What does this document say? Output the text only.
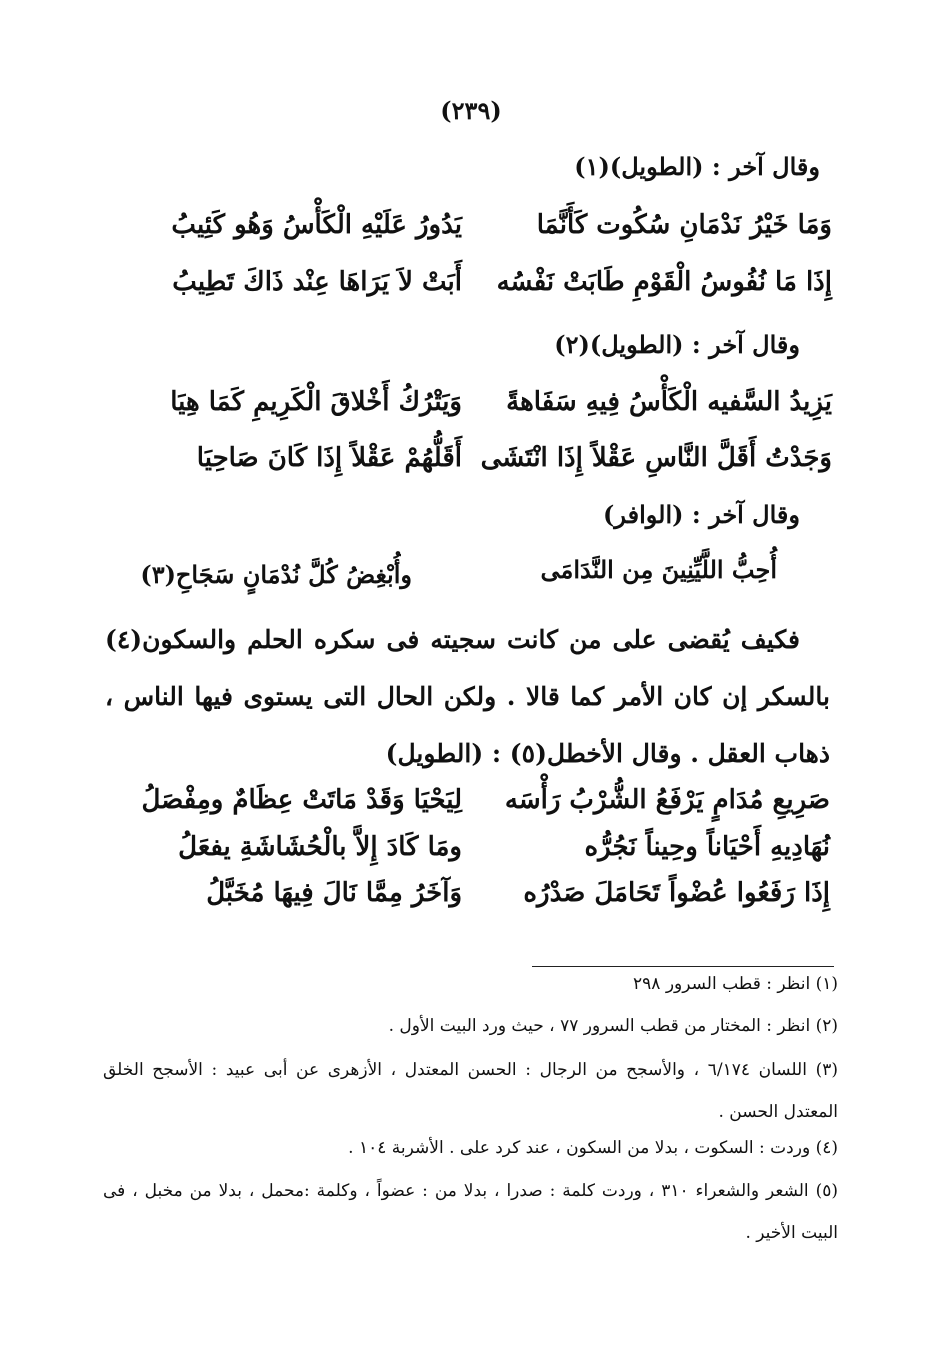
(٢٣٩)
وقال آخر : (الطويل)(١)
وَمَا خَيْرُ نَدْمَانِ سُكُوت كَأَنَّمَا
يَدُورُ عَلَيْهِ الْكَأْسُ وَهُو كَئِيبُ
إِذَا مَا نُفُوسُ الْقَوْمِ طَابَتْ نَفْسُه
أَبَتْ لاَ يَرَاهَا عِنْد ذَاكَ تَطِيبُ
وقال آخر : (الطويل)(٢)
يَزِيدُ السَّفيه الْكَأْسُ فِيهِ سَفَاهةً
وَيَتْرُكُ أَخْلاقَ الْكَرِيمِ كَمَا هِيَا
وَجَدْتُ أَقَلَّ النَّاسِ عَقْلاً إِذَا انْتَشَى
أَقَلُّهُمْ عَقْلاً إِذَا كَانَ صَاحِيَا
وقال آخر : (الوافر)
أُحِبُّ اللَّيِّنِينَ مِن النَّدَامَى
وأُبْغِضُ كُلَّ نُدْمَانٍ سَجَاحِ(٣)
فكيف يُقضى على من كانت سجيته فى سكره الحلم والسكون(٤) بالسكر إن كان الأمر كما قالا . ولكن الحال التى يستوى فيها الناس ، ذهاب العقل . وقال الأخطل(٥) : (الطويل)
صَرِيعِ مُدَامٍ يَرْفَعُ الشُّرْبُ رَأْسَه
لِيَحْيَا وَقَدْ مَاتَتْ عِظَامٌ ومِفْصَلُ
نُهَادِيهِ أَحْيَاناً وحِيناً نَجُرُّه
ومَا كَادَ إِلاَّ بالْحُشَاشَةِ يفعَلُ
إِذَا رَفَعُوا عُضْواً تَحَامَلَ صَدْرُه
وَآخَرُ مِمَّا نَالَ فِيهَا مُخَبَّلُ
(١) انظر : قطب السرور ٢٩٨
(٢) انظر : المختار من قطب السرور ٧٧ ، حيث ورد البيت الأول .
(٣) اللسان ٦/١٧٤ ، والأسجح من الرجال : الحسن المعتدل ، الأزهرى عن أبى عبيد : الأسجح الخلق المعتدل الحسن .
(٤) وردت : السكوت ، بدلا من السكون ، عند كرد على . الأشربة ١٠٤ .
(٥) الشعر والشعراء ٣١٠ ، وردت كلمة : صدرا ، بدلا من : عضواً ، وكلمة :محمل ، بدلا من مخبل ، فى البيت الأخير .
